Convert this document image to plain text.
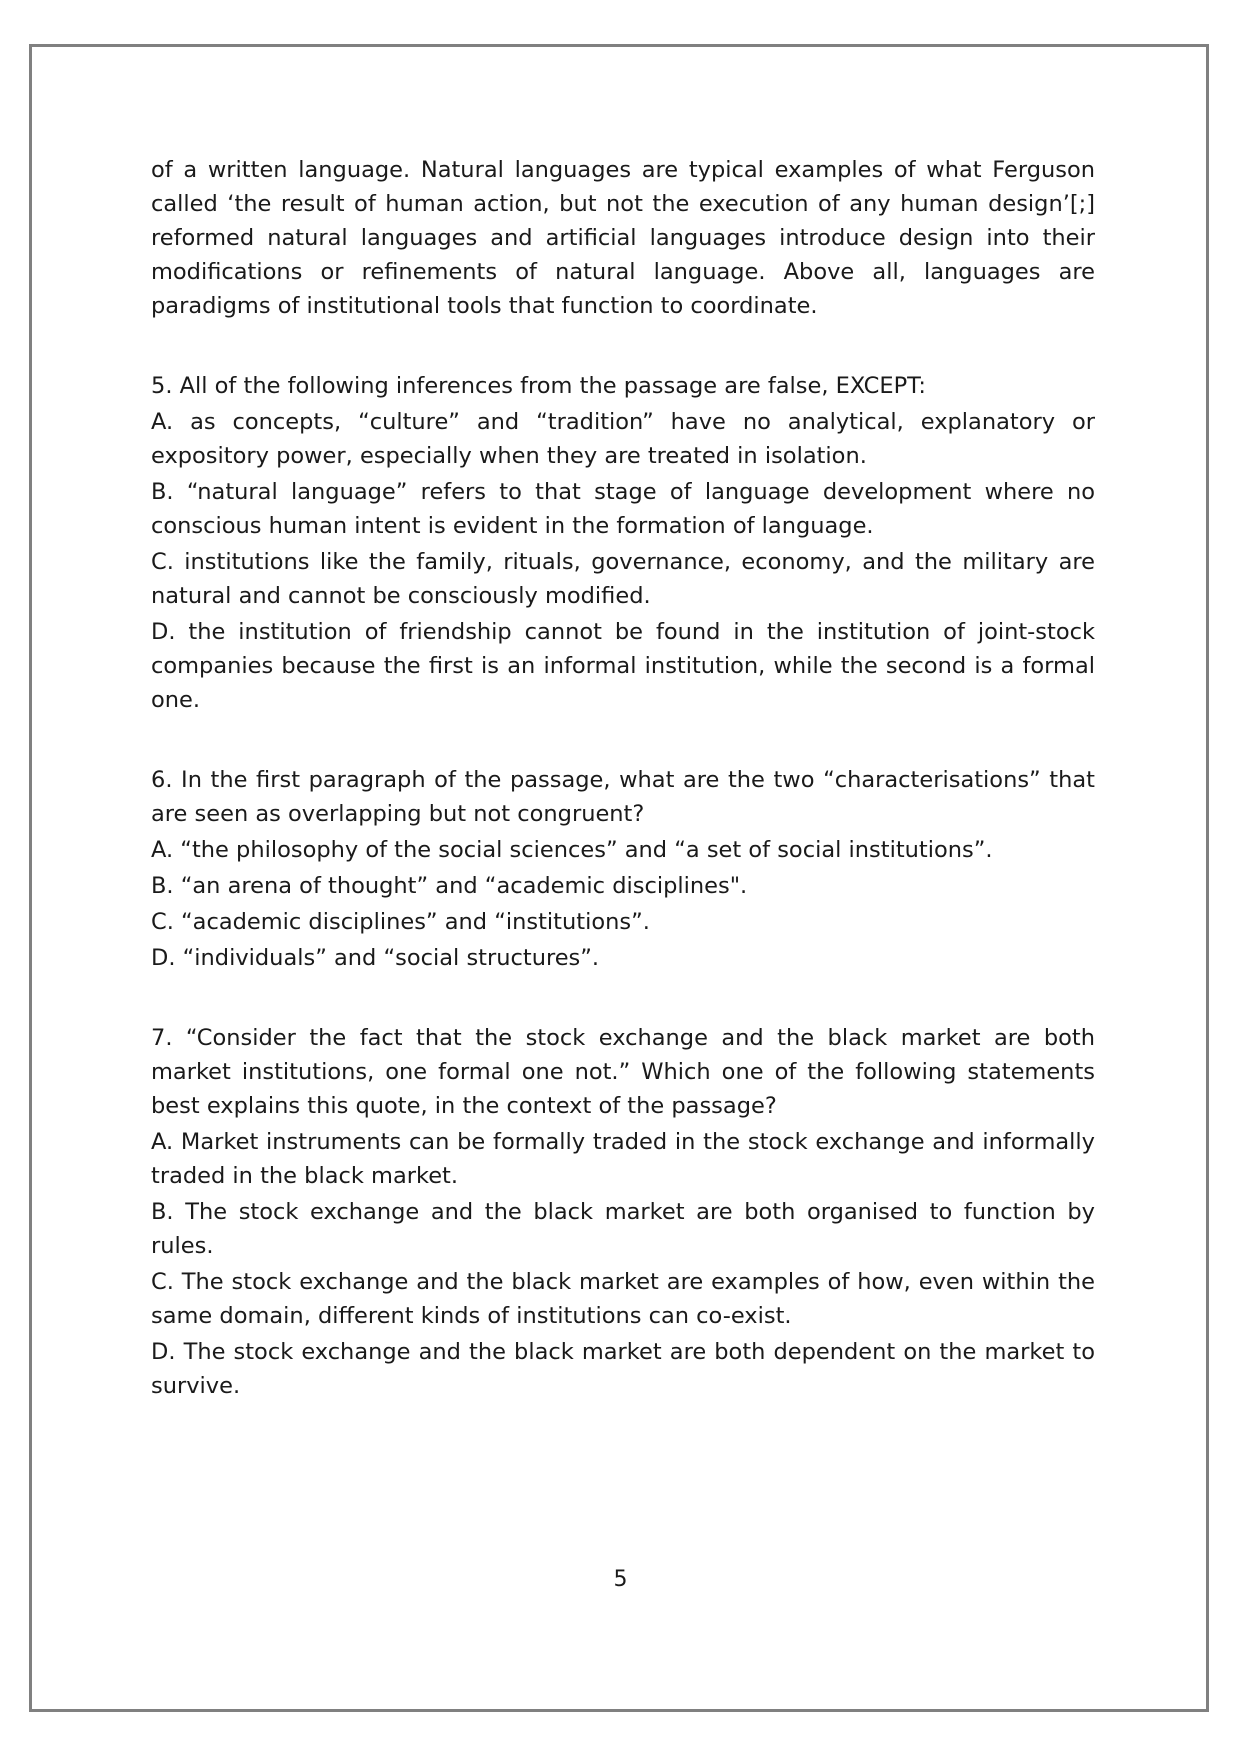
of a written language. Natural languages are typical examples of what Ferguson called ‘the result of human action, but not the execution of any human design’[;] reformed natural languages and artificial languages introduce design into their modifications or refinements of natural language. Above all, languages are paradigms of institutional tools that function to coordinate.

5. All of the following inferences from the passage are false, EXCEPT:

A. as concepts, “culture” and “tradition” have no analytical, explanatory or expository power, especially when they are treated in isolation.

B. “natural language” refers to that stage of language development where no conscious human intent is evident in the formation of language.

C. institutions like the family, rituals, governance, economy, and the military are natural and cannot be consciously modified.

D. the institution of friendship cannot be found in the institution of joint-stock companies because the first is an informal institution, while the second is a formal one.

6. In the first paragraph of the passage, what are the two “characterisations” that are seen as overlapping but not congruent?

A. “the philosophy of the social sciences” and “a set of social institutions”.

B. “an arena of thought” and “academic disciplines".

C. “academic disciplines” and “institutions”.

D. “individuals” and “social structures”.

7. “Consider the fact that the stock exchange and the black market are both market institutions, one formal one not.” Which one of the following statements best explains this quote, in the context of the passage?

A. Market instruments can be formally traded in the stock exchange and informally traded in the black market.

B. The stock exchange and the black market are both organised to function by rules.

C. The stock exchange and the black market are examples of how, even within the same domain, different kinds of institutions can co-exist.

D. The stock exchange and the black market are both dependent on the market to survive.

5
